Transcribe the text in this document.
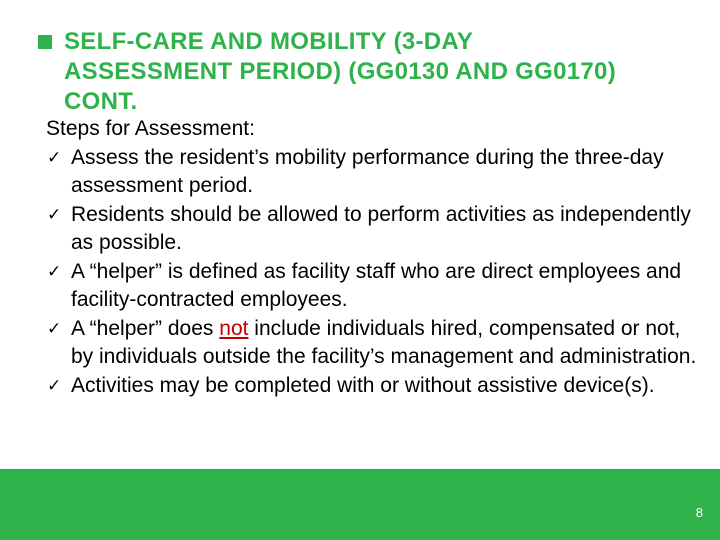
SELF-CARE AND MOBILITY (3-DAY
ASSESSMENT PERIOD) (GG0130 AND GG0170)
CONT.

Steps for Assessment:

✓ Assess the resident’s mobility performance during the three-day assessment period.
✓ Residents should be allowed to perform activities as independently as possible.
✓ A “helper” is defined as facility staff who are direct employees and facility-contracted employees.
✓ A “helper” does not include individuals hired, compensated or not, by individuals outside the facility’s management and administration.
✓ Activities may be completed with or without assistive device(s).
8
